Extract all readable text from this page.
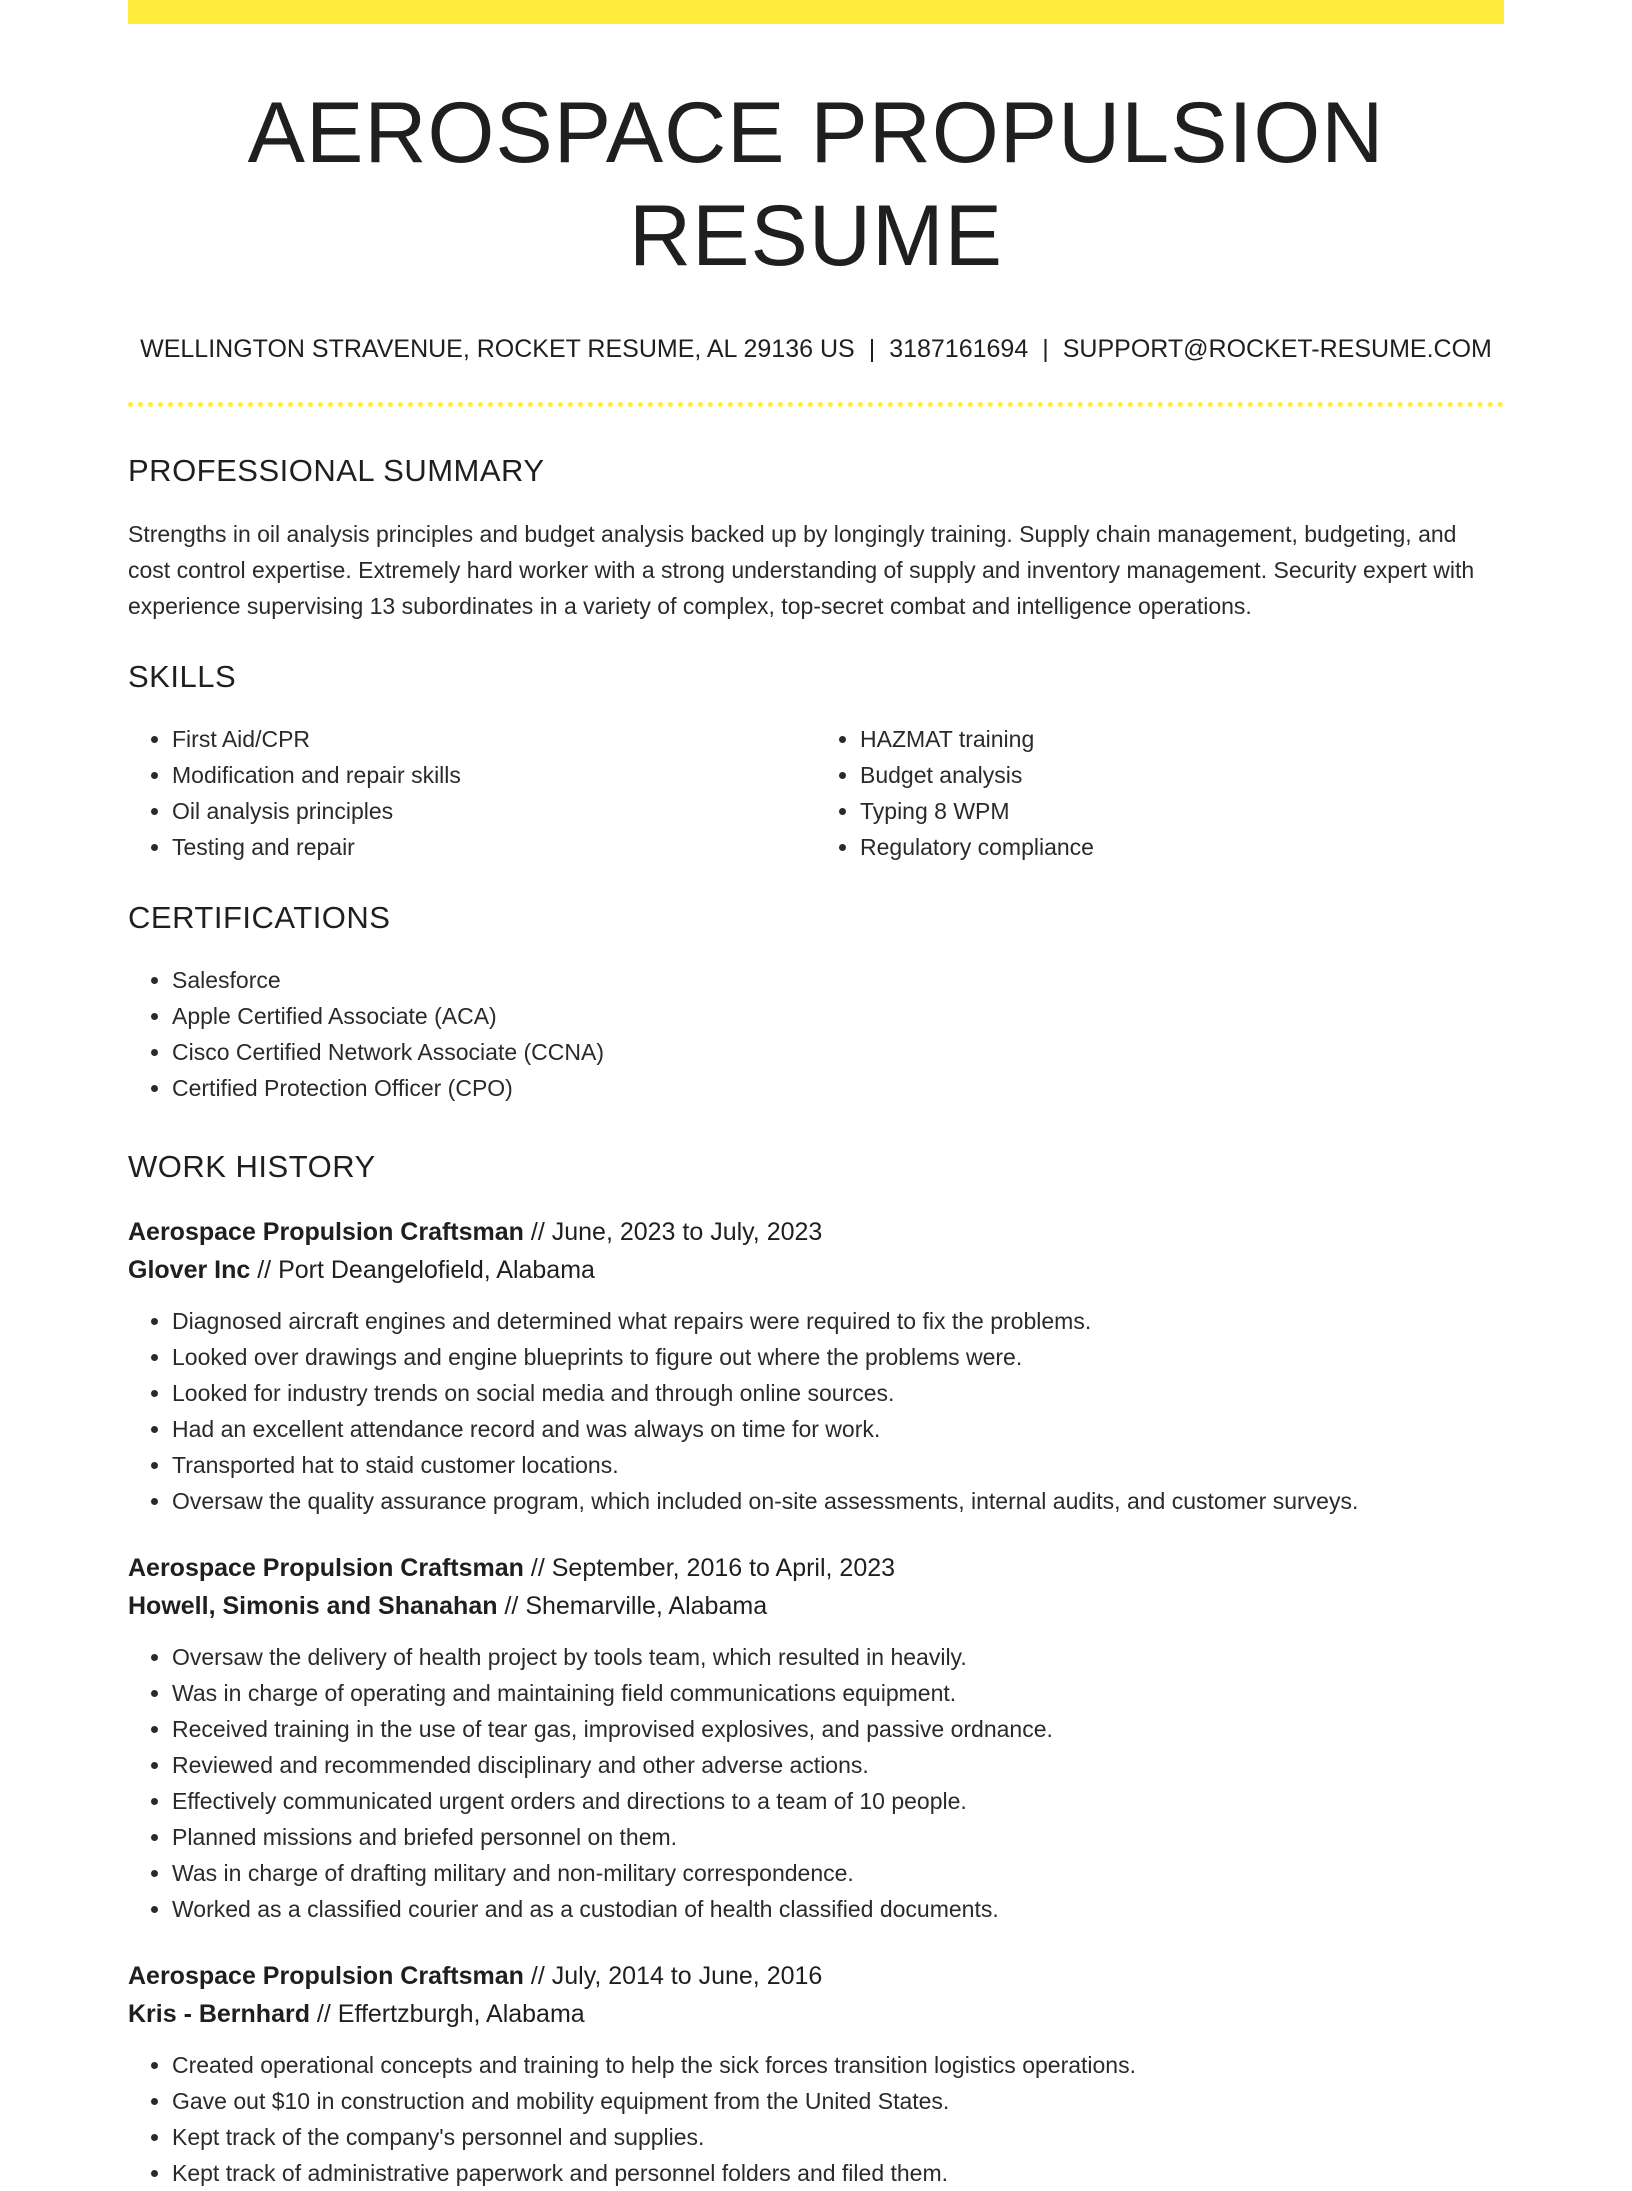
AEROSPACE PROPULSION RESUME
WELLINGTON STRAVENUE, ROCKET RESUME, AL 29136 US | 3187161694 | SUPPORT@ROCKET-RESUME.COM
PROFESSIONAL SUMMARY

Strengths in oil analysis principles and budget analysis backed up by longingly training. Supply chain management, budgeting, and cost control expertise. Extremely hard worker with a strong understanding of supply and inventory management. Security expert with experience supervising 13 subordinates in a variety of complex, top-secret combat and intelligence operations.

SKILLS
• First Aid/CPR
• Modification and repair skills
• Oil analysis principles
• Testing and repair
• HAZMAT training
• Budget analysis
• Typing 8 WPM
• Regulatory compliance
CERTIFICATIONS
• Salesforce
• Apple Certified Associate (ACA)
• Cisco Certified Network Associate (CCNA)
• Certified Protection Officer (CPO)
WORK HISTORY
Aerospace Propulsion Craftsman // June, 2023 to July, 2023
Glover Inc // Port Deangelofield, Alabama
• Diagnosed aircraft engines and determined what repairs were required to fix the problems.
• Looked over drawings and engine blueprints to figure out where the problems were.
• Looked for industry trends on social media and through online sources.
• Had an excellent attendance record and was always on time for work.
• Transported hat to staid customer locations.
• Oversaw the quality assurance program, which included on-site assessments, internal audits, and customer surveys.
Aerospace Propulsion Craftsman // September, 2016 to April, 2023
Howell, Simonis and Shanahan // Shemarville, Alabama
• Oversaw the delivery of health project by tools team, which resulted in heavily.
• Was in charge of operating and maintaining field communications equipment.
• Received training in the use of tear gas, improvised explosives, and passive ordnance.
• Reviewed and recommended disciplinary and other adverse actions.
• Effectively communicated urgent orders and directions to a team of 10 people.
• Planned missions and briefed personnel on them.
• Was in charge of drafting military and non-military correspondence.
• Worked as a classified courier and as a custodian of health classified documents.
Aerospace Propulsion Craftsman // July, 2014 to June, 2016
Kris - Bernhard // Effertzburgh, Alabama
• Created operational concepts and training to help the sick forces transition logistics operations.
• Gave out $10 in construction and mobility equipment from the United States.
• Kept track of the company's personnel and supplies.
• Kept track of administrative paperwork and personnel folders and filed them.
